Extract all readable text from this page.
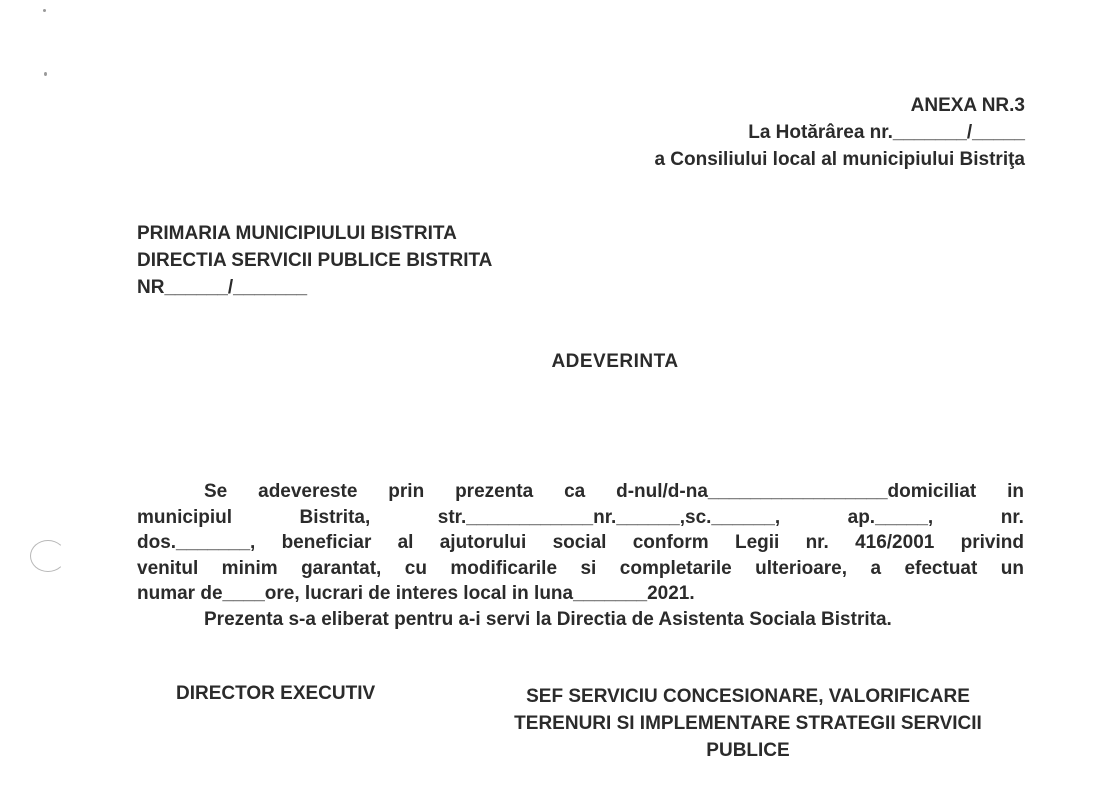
ANEXA NR.3
La Hotărârea nr._______/_____
a Consiliului local al municipiului Bistriţa
PRIMARIA MUNICIPIULUI BISTRITA
DIRECTIA SERVICII PUBLICE BISTRITA
NR______/_______
ADEVERINTA
Se adevereste prin prezenta ca d-nul/d-na_________________domiciliat in
municipiul	Bistrita,	str.____________nr.______,sc.______,	ap._____,	nr.
dos._______, beneficiar al ajutorului social conform Legii nr. 416/2001 privind
venitul minim garantat, cu modificarile si completarile ulterioare, a efectuat un
numar de____ore, lucrari de interes local in luna_______2021.
Prezenta s-a eliberat pentru a-i servi la Directia de Asistenta Sociala Bistrita.
DIRECTOR EXECUTIV	SEF SERVICIU CONCESIONARE, VALORIFICARE
TERENURI SI IMPLEMENTARE STRATEGII SERVICII
PUBLICE
